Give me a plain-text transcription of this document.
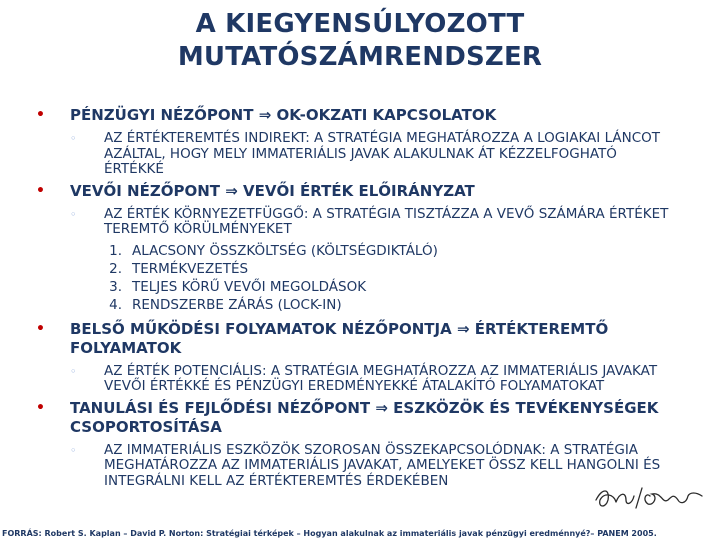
A KIEGYENSÚLYOZOTT
MUTATÓSZÁMRENDSZER
• PÉNZÜGYI NÉZŐPONT ⇒ OK-OKZATI KAPCSOLATOK
◦ AZ ÉRTÉKTEREMTÉS INDIREKT: A STRATÉGIA MEGHATÁROZZA A LOGIAKAI LÁNCOT AZÁLTAL, HOGY MELY IMMATERIÁLIS JAVAK ALAKULNAK ÁT KÉZZELFOGHATÓ ÉRTÉKKÉ
• VEVŐI NÉZŐPONT ⇒ VEVŐI ÉRTÉK ELŐIRÁNYZAT
◦ AZ ÉRTÉK KÖRNYEZETFÜGGŐ: A STRATÉGIA TISZTÁZZA A VEVŐ SZÁMÁRA ÉRTÉKET TEREMTŐ KÖRÜLMÉNYEKET
1. ALACSONY ÖSSZKÖLTSÉG (KÖLTSÉGDIKTÁLÓ)
2. TERMÉKVEZETÉS
3. TELJES KÖRŰ VEVŐI MEGOLDÁSOK
4. RENDSZERBE ZÁRÁS (LOCK-IN)
• BELSŐ MŰKÖDÉSI FOLYAMATOK NÉZŐPONTJA ⇒ ÉRTÉKTEREMTŐ FOLYAMATOK
◦ AZ ÉRTÉK POTENCIÁLIS: A STRATÉGIA MEGHATÁROZZA AZ IMMATERIÁLIS JAVAKAT VEVŐI ÉRTÉKKÉ ÉS PÉNZÜGYI EREDMÉNYEKKÉ ÁTALAKÍTÓ FOLYAMATOKAT
• TANULÁSI ÉS FEJLŐDÉSI NÉZŐPONT ⇒ ESZKÖZÖK ÉS TEVÉKENYSÉGEK CSOPORTOSÍTÁSA
◦ AZ IMMATERIÁLIS ESZKÖZÖK SZOROSAN ÖSSZEKAPCSOLÓDNAK: A STRATÉGIA MEGHATÁROZZA AZ IMMATERIÁLIS JAVAKAT, AMELYEKET ÖSSZ KELL HANGOLNI ÉS INTEGRÁLNI KELL AZ ÉRTÉKTEREMTÉS ÉRDEKÉBEN
FORRÁS: Robert S. Kaplan – David P. Norton: Stratégiai térképek – Hogyan alakulnak az immateriális javak pénzügyi eredménnyé?– PANEM 2005.
